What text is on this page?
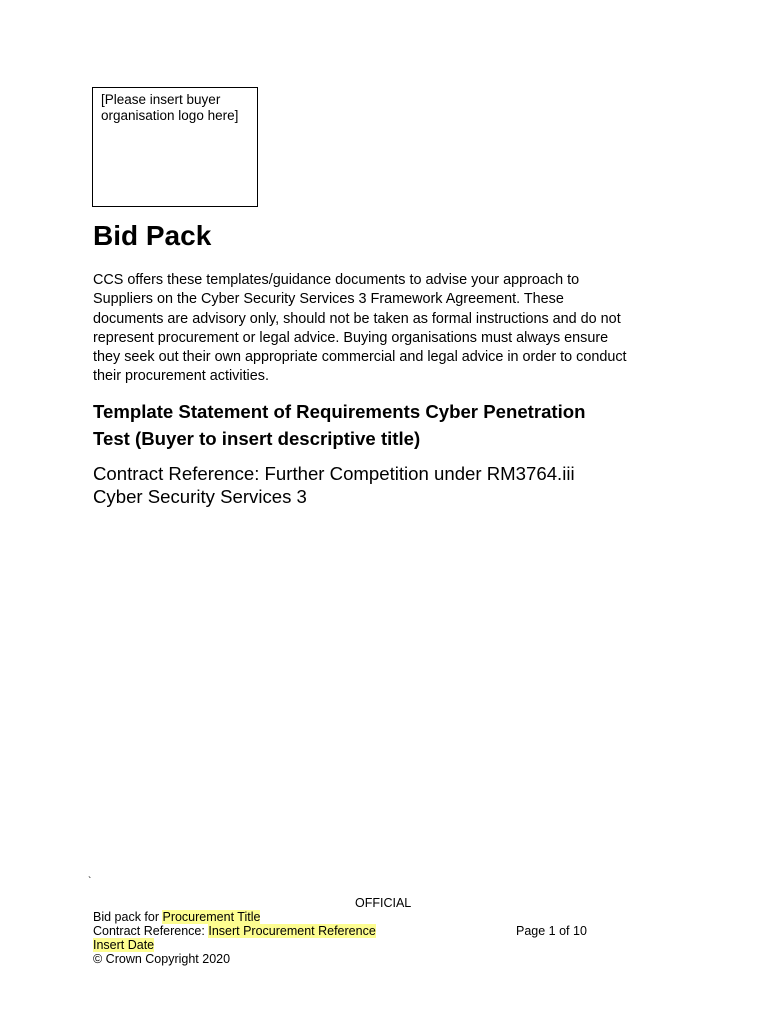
[Please insert buyer
organisation logo here]
Bid Pack

CCS offers these templates/guidance documents to advise your approach to
Suppliers on the Cyber Security Services 3 Framework Agreement. These
documents are advisory only, should not be taken as formal instructions and do not
represent procurement or legal advice. Buying organisations must always ensure
they seek out their own appropriate commercial and legal advice in order to conduct
their procurement activities.

Template Statement of Requirements Cyber Penetration
Test (Buyer to insert descriptive title)

Contract Reference: Further Competition under RM3764.iii
Cyber Security Services 3

`
OFFICIAL
Bid pack for Procurement Title
Contract Reference: Insert Procurement Reference
Insert Date
© Crown Copyright 2020
Page 1 of 10
